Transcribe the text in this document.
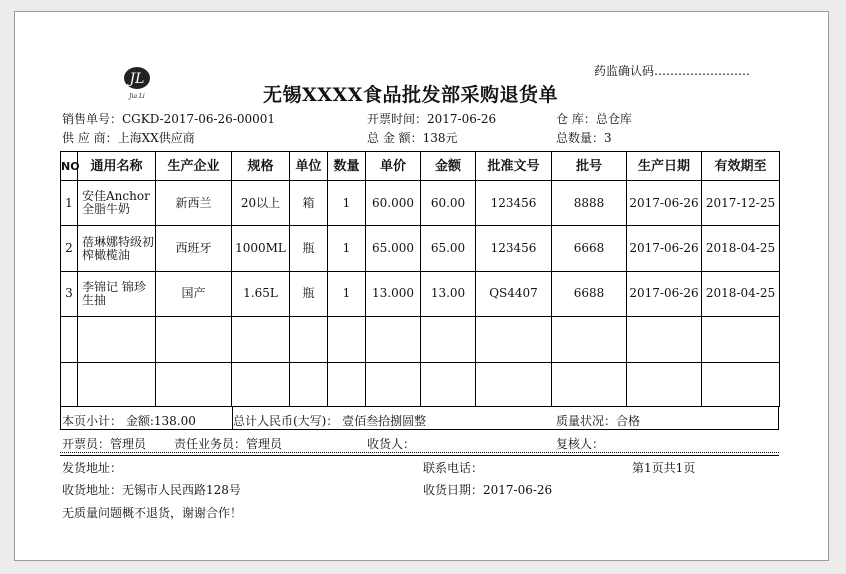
药监确认码……………………
JL
Jia Li	无锡XXXX食品批发部采购退货单
销售单号：CGKD-2017-06-26-00001	开票时间：2017-06-26	仓 库：总仓库
供 应 商：上海XX供应商	总 金 额：138元	总数量：3
NO	通用名称	生产企业	规格	单位	数量	单价	金额	批准文号	批号	生产日期	有效期至
1	安佳Anchor全脂牛奶	新西兰	20以上	箱	1	60.000	60.00	123456	8888	2017-06-26	2017-12-25
2	蓓琳娜特级初榨橄榄油	西班牙	1000ML	瓶	1	65.000	65.00	123456	6668	2017-06-26	2018-04-25
3	李锦记 锦珍生抽	国产	1.65L	瓶	1	13.000	13.00	QS4407	6688	2017-06-26	2018-04-25

本页小计： 金额:138.00	总计人民币(大写)： 壹佰叁拾捌圆整	质量状况：合格
开票员：管理员 责任业务员：管理员	收货人：	复核人：
发货地址：	联系电话：	第1页共1页
收货地址：无锡市人民西路128号	收货日期：2017-06-26
无质量问题概不退货，谢谢合作！
